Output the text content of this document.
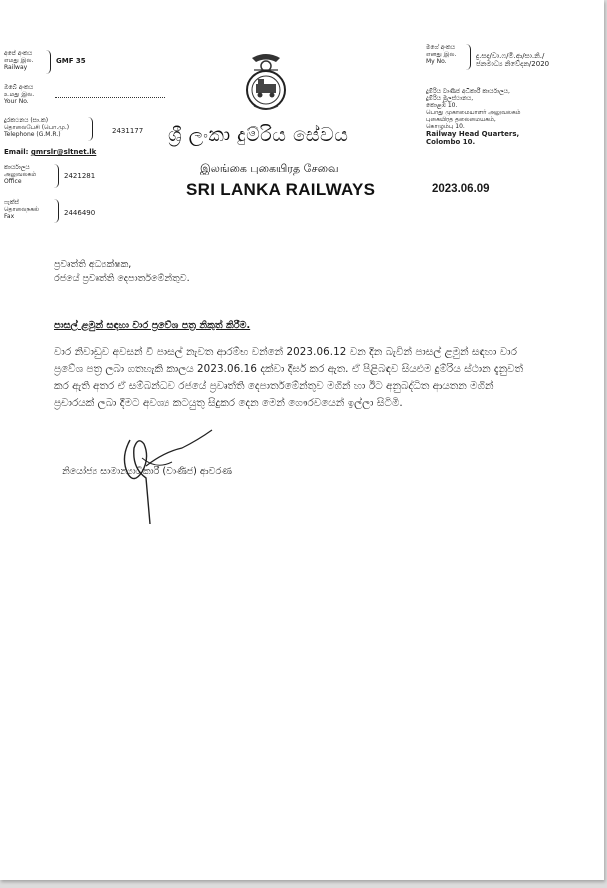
අපේ අංකය
எமது இல.
Railway
GMF 35
ඔබේ අංකය
உமது இல.
Your No.
දුරකථනය (සා.ක)
தொலைபேசி (பொ.மு.)
Telephone (G.M.R.)	2431177
Email: gmrslr@sltnet.lk
කාර්යාලය
அலுவலகம்
Office
2421281
ෆැක්ස්
தொலைநகல்
Fax	2446490
ශ්‍රී ලංකා දුම්රිය සේවය
இலங்கை புகையிரத சேவை
SRI LANKA RAILWAYS
මගේ අංකය
எனது இல.
My No.
දු.සද/වා.ෆ/මි.ආ/සා.නි./
ජනමාධ්‍ය නිවේදන/2020
දුම්රිය වාණිජ අධිකාරී කාර්යාලය,
දුම්රිය මූලස්ථානය,
කොළඹ 10.
பொது முகாமையாளர் அலுவலகம்
புகையிரத தலைமையகம்,
கொழும்பு 10.
Railway Head Quarters,
Colombo 10.
2023.06.09
ප්‍රවෘත්ති අධ්‍යක්ෂක,
රජයේ ප්‍රවෘත්ති දෙපාර්තමේන්තුව.
පාසල් ළමුන් සඳහා වාර ප්‍රවේශ පත්‍ර නිකුත් කිරීම.
වාර නිවාඩුව අවසන් වී පාසල් නැවත ආරම්භ වන්නේ 2023.06.12 වන දින බැවින් පාසල් ළමුන් සඳහා වාර
ප්‍රවේශ පත්‍ර ලබා ගතහැකි කාලය 2023.06.16 දක්වා දීර්ඝ කර ඇත. ඒ පිළිබඳව සියළුම දුම්රිය ස්ථාන දැනුවත්
කර ඇති අතර ඒ සම්බන්ධව රජයේ ප්‍රවෘත්ති දෙපාර්තමේන්තුව මගින් හා ඊට අනුබද්ධිත ආයතන මගින්
ප්‍රචාරයක් ලබා දීමට අවශ්‍ය කටයුතු සිදුකර දෙන මෙන් ගෞරවයෙන් ඉල්ලා සිටිමි.
නියෝජ්‍ය සාමාන්‍යාධිකාරී (වාණිජ) ආවරණ
